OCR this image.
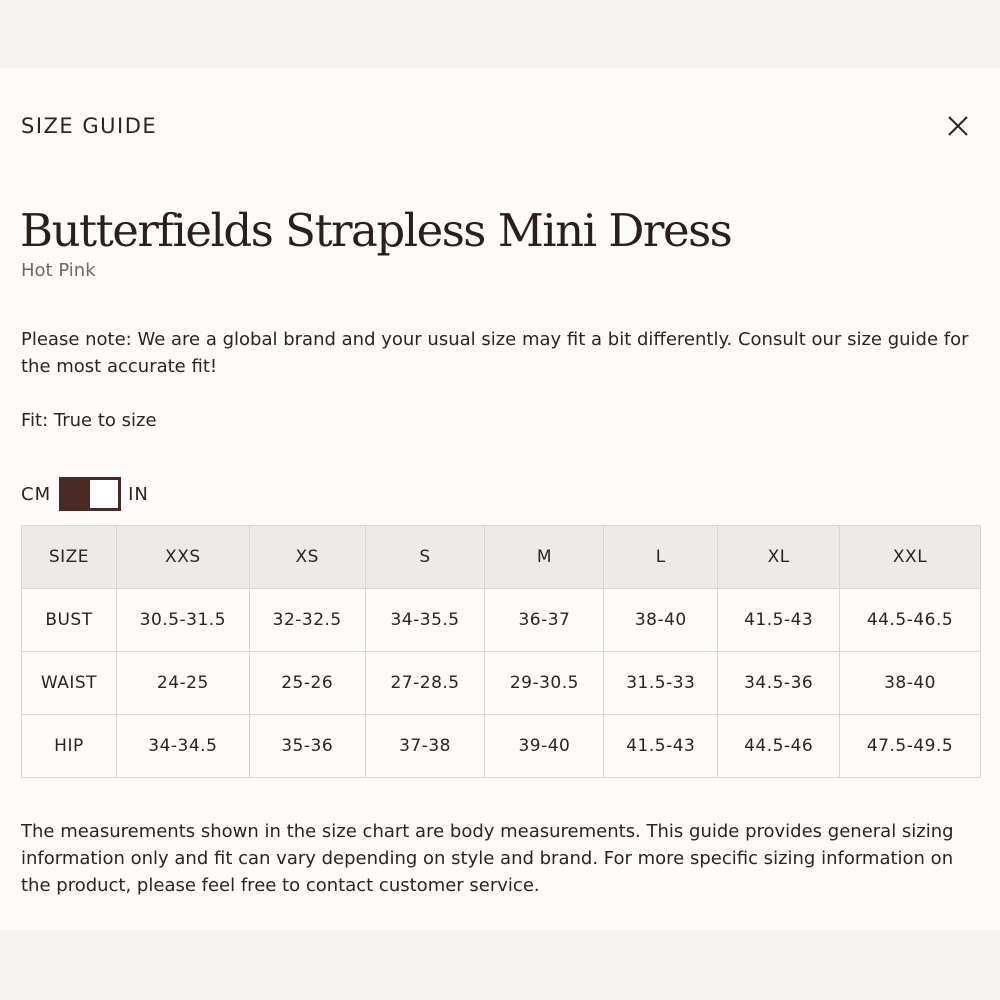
SIZE GUIDE
Butterfields Strapless Mini Dress
Hot Pink

Please note: We are a global brand and your usual size may fit a bit differently. Consult our size guide for the most accurate fit!

Fit: True to size
CM	IN
SIZE	XXS	XS	S	M	L	XL	XXL
BUST	30.5-31.5	32-32.5	34-35.5	36-37	38-40	41.5-43	44.5-46.5
WAIST	24-25	25-26	27-28.5	29-30.5	31.5-33	34.5-36	38-40
HIP	34-34.5	35-36	37-38	39-40	41.5-43	44.5-46	47.5-49.5

The measurements shown in the size chart are body measurements. This guide provides general sizing information only and fit can vary depending on style and brand. For more specific sizing information on the product, please feel free to contact customer service.
